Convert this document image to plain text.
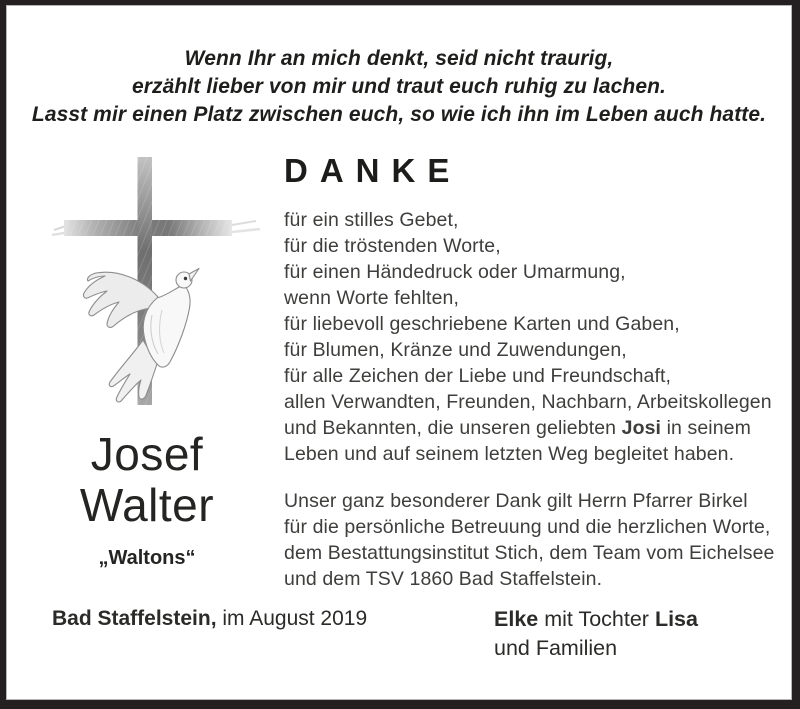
Wenn Ihr an mich denkt, seid nicht traurig,
erzählt lieber von mir und traut euch ruhig zu lachen.
Lasst mir einen Platz zwischen euch, so wie ich ihn im Leben auch hatte.
Josef
Walter
„Waltons“
DANKE
für ein stilles Gebet,
für die tröstenden Worte,
für einen Händedruck oder Umarmung,
wenn Worte fehlten,
für liebevoll geschriebene Karten und Gaben,
für Blumen, Kränze und Zuwendungen,
für alle Zeichen der Liebe und Freundschaft,
allen Verwandten, Freunden, Nachbarn, Arbeitskollegen
und Bekannten, die unseren geliebten Josi in seinem
Leben und auf seinem letzten Weg begleitet haben.
Unser ganz besonderer Dank gilt Herrn Pfarrer Birkel
für die persönliche Betreuung und die herzlichen Worte,
dem Bestattungsinstitut Stich, dem Team vom Eichelsee
und dem TSV 1860 Bad Staffelstein.
Bad Staffelstein, im August 2019	Elke mit Tochter Lisa
und Familien
